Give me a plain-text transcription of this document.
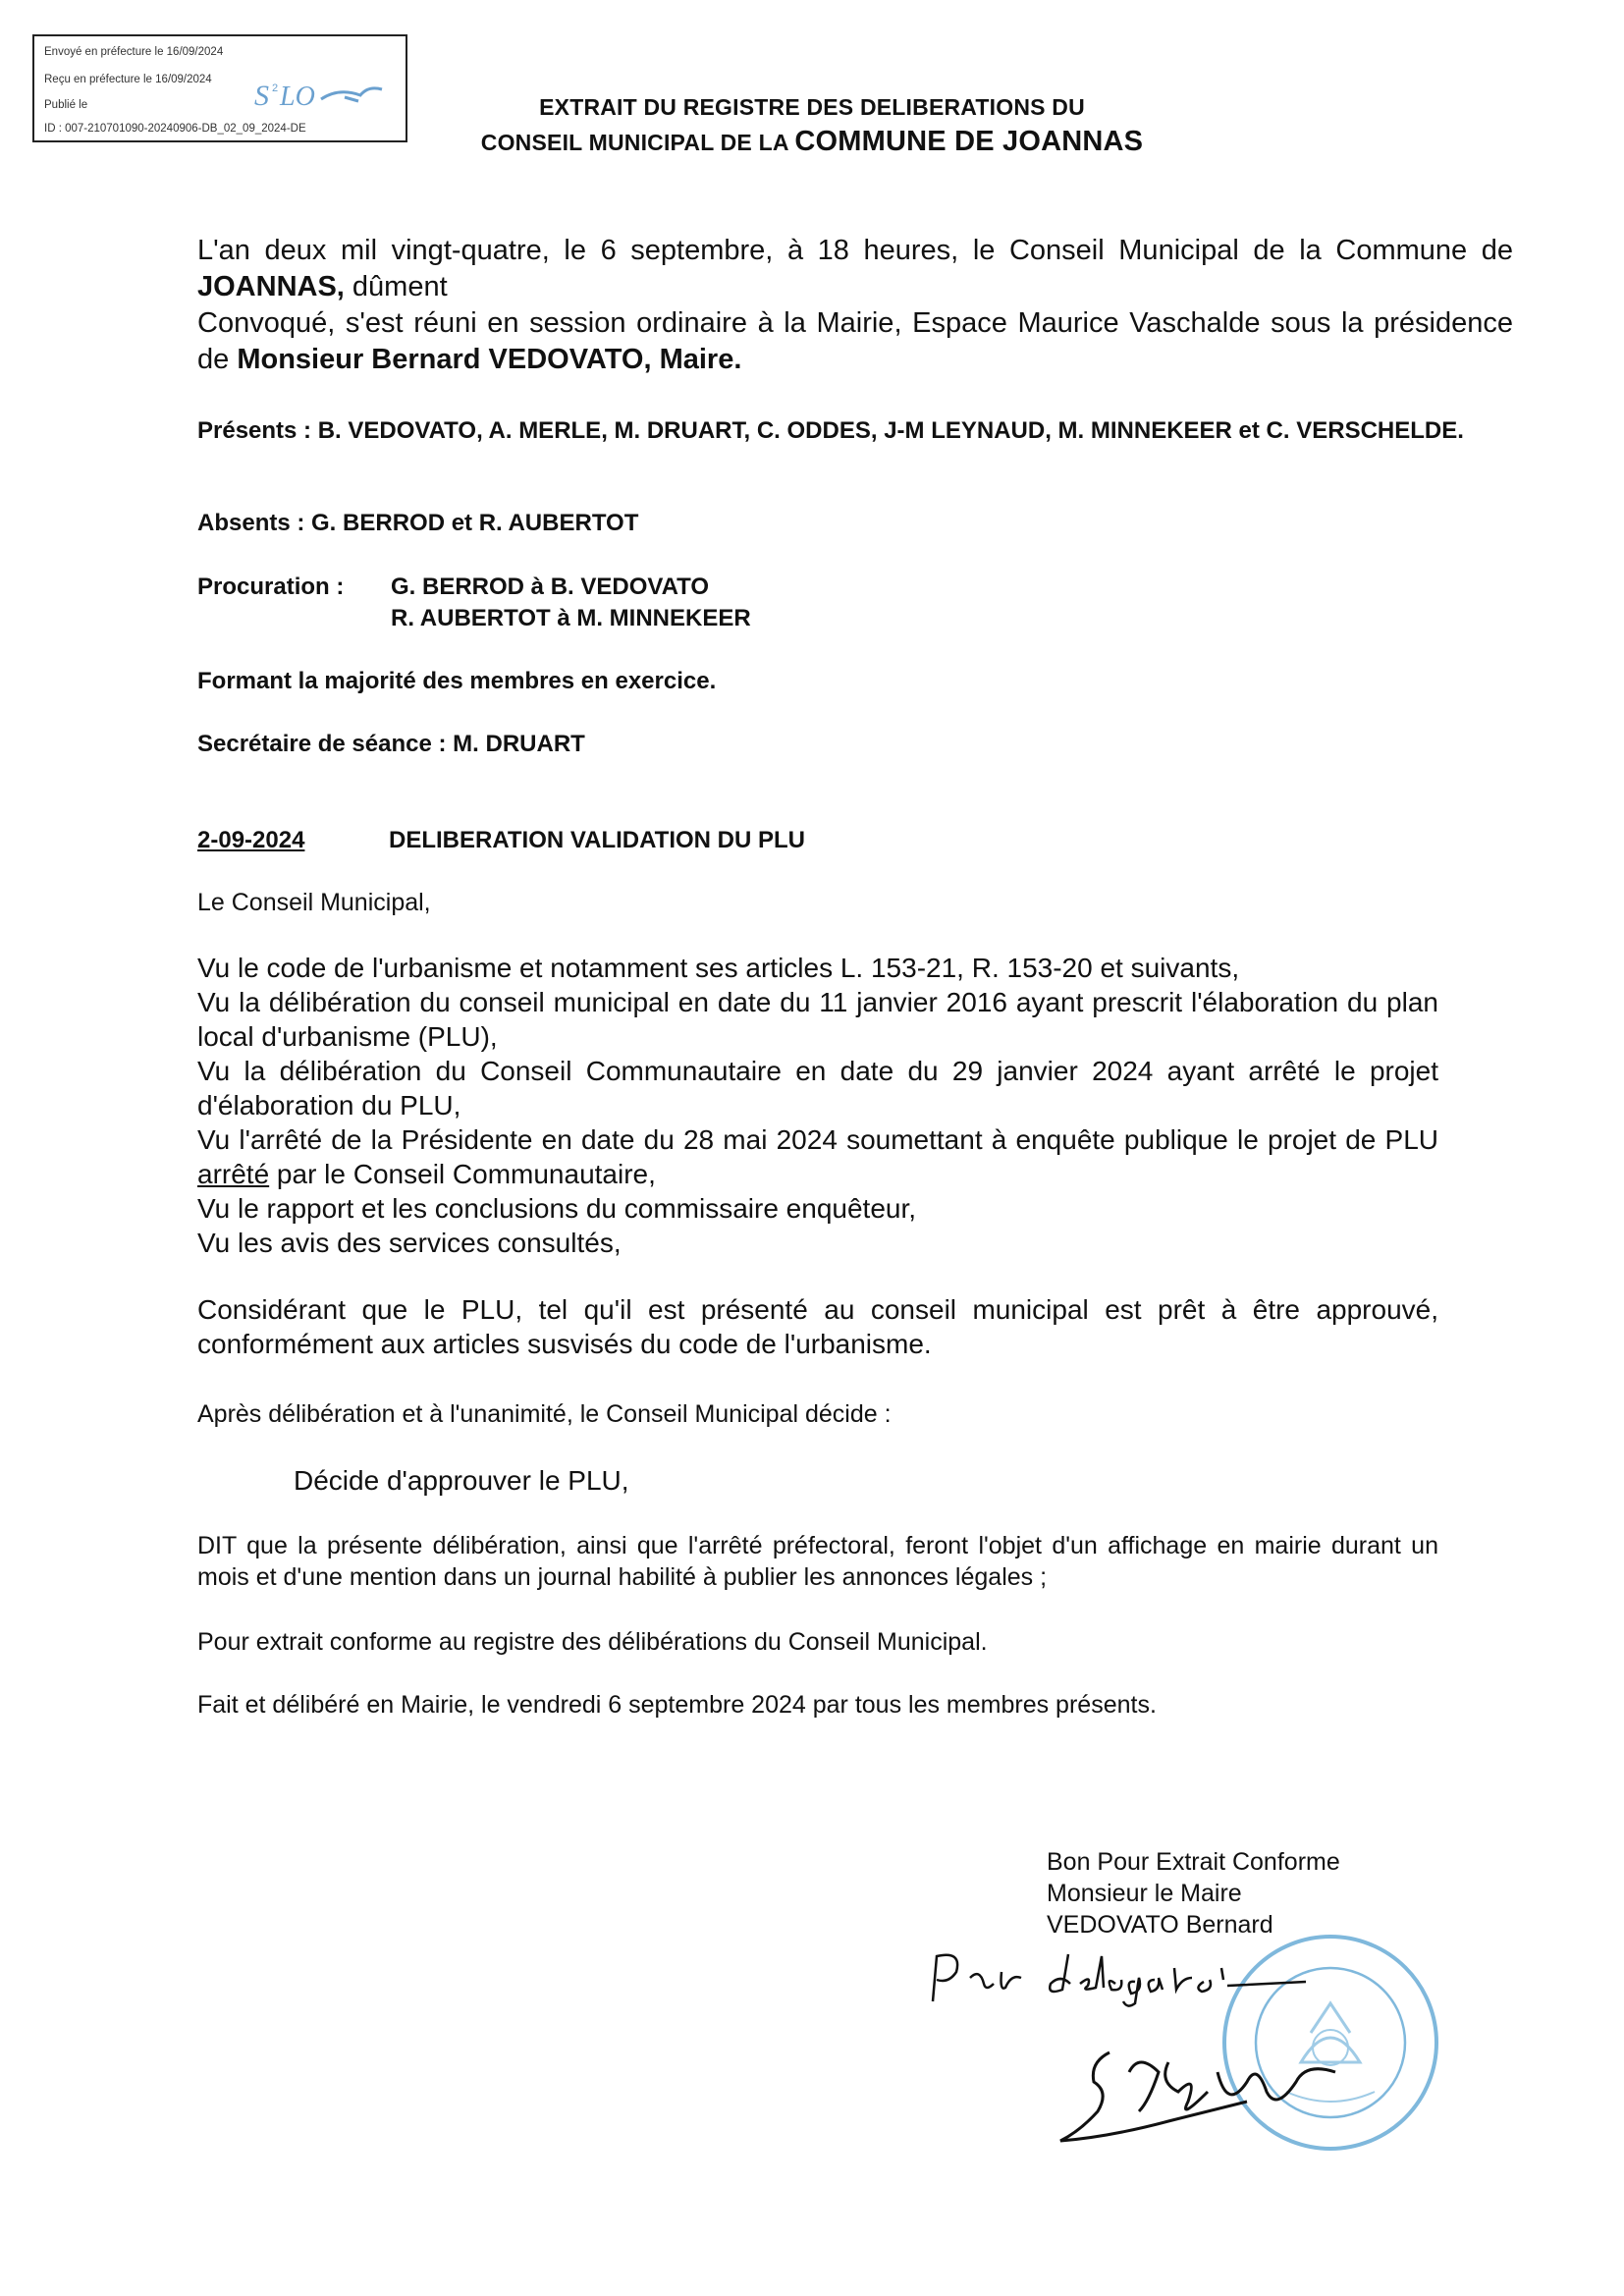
Envoyé en préfecture le 16/09/2024
Reçu en préfecture le 16/09/2024
Publié le
ID : 007-210701090-20240906-DB_02_09_2024-DE
S 2 LO	EXTRAIT DU REGISTRE DES DELIBERATIONS DU
CONSEIL MUNICIPAL DE LA COMMUNE DE JOANNAS

L'an deux mil vingt-quatre, le 6 septembre, à 18 heures, le Conseil Municipal de la Commune de JOANNAS, dûment

Convoqué, s'est réuni en session ordinaire à la Mairie, Espace Maurice Vaschalde sous la présidence de Monsieur Bernard VEDOVATO, Maire.

Présents : B. VEDOVATO, A. MERLE, M. DRUART, C. ODDES, J-M LEYNAUD, M. MINNEKEER et C. VERSCHELDE.

Absents : G. BERROD et R. AUBERTOT

Procuration :	G. BERROD à B. VEDOVATO

R. AUBERTOT à M. MINNEKEER

Formant la majorité des membres en exercice.

Secrétaire de séance : M. DRUART

2-09-2024	DELIBERATION VALIDATION DU PLU

Le Conseil Municipal,

Vu le code de l'urbanisme et notamment ses articles L. 153-21, R. 153-20 et suivants,
Vu la délibération du conseil municipal en date du 11 janvier 2016 ayant prescrit l'élaboration du plan local d'urbanisme (PLU),
Vu la délibération du Conseil Communautaire en date du 29 janvier 2024 ayant arrêté le projet d'élaboration du PLU,
Vu l'arrêté de la Présidente en date du 28 mai 2024 soumettant à enquête publique le projet de PLU arrêté par le Conseil Communautaire,
Vu le rapport et les conclusions du commissaire enquêteur,
Vu les avis des services consultés,

Considérant que le PLU, tel qu'il est présenté au conseil municipal est prêt à être approuvé, conformément aux articles susvisés du code de l'urbanisme.

Après délibération et à l'unanimité, le Conseil Municipal décide :

Décide d'approuver le PLU,

DIT que la présente délibération, ainsi que l'arrêté préfectoral, feront l'objet d'un affichage en mairie durant un mois et d'une mention dans un journal habilité à publier les annonces légales ;

Pour extrait conforme au registre des délibérations du Conseil Municipal.

Fait et délibéré en Mairie, le vendredi 6 septembre 2024 par tous les membres présents.

Bon Pour Extrait Conforme
Monsieur le Maire
VEDOVATO Bernard
